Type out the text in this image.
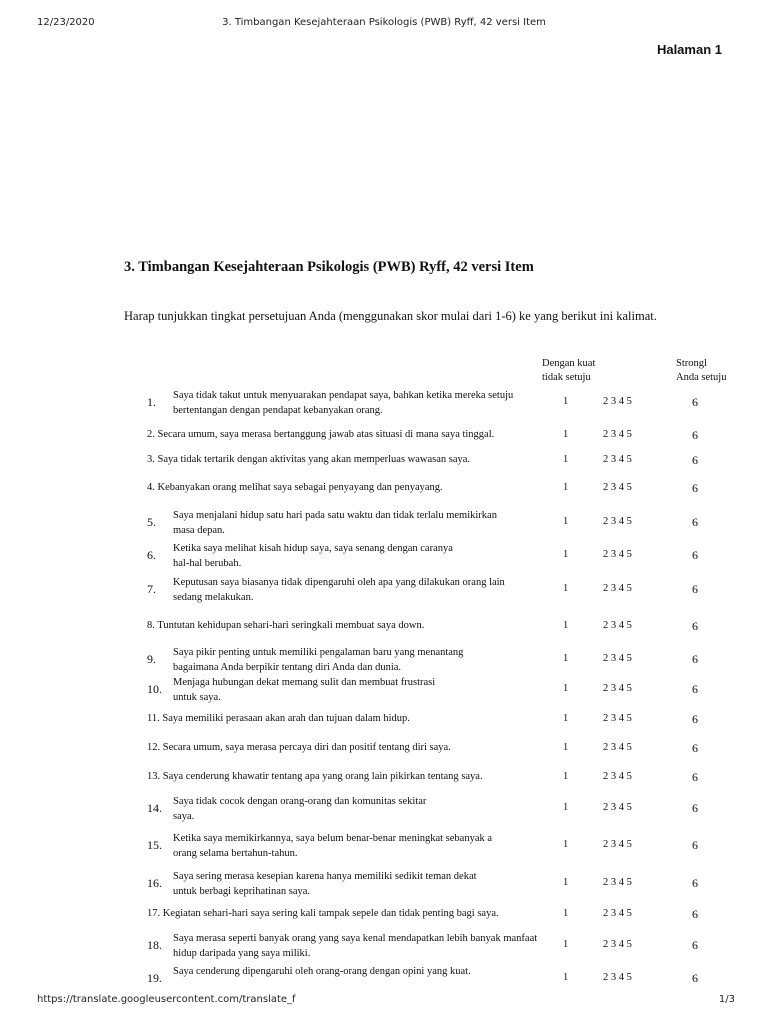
12/23/2020	3. Timbangan Kesejahteraan Psikologis (PWB) Ryff, 42 versi Item
Halaman 1
3. Timbangan Kesejahteraan Psikologis (PWB) Ryff, 42 versi Item

Harap tunjukkan tingkat persetujuan Anda (menggunakan skor mulai dari 1-6) ke yang berikut ini kalimat.

Dengan kuat
tidak setuju
Strongl
Anda setuju
1. Saya tidak takut untuk menyuarakan pendapat saya, bahkan ketika mereka setuju
bertentangan dengan pendapat kebanyakan orang.
1	2 3 4 5	6
2. Secara umum, saya merasa bertanggung jawab atas situasi di mana saya tinggal.	1	2 3 4 5	6
3. Saya tidak tertarik dengan aktivitas yang akan memperluas wawasan saya.	1	2 3 4 5	6
4. Kebanyakan orang melihat saya sebagai penyayang dan penyayang.	1	2 3 4 5	6
5. Saya menjalani hidup satu hari pada satu waktu dan tidak terlalu memikirkan
masa depan.
1	2 3 4 5	6
6. Ketika saya melihat kisah hidup saya, saya senang dengan caranya
hal-hal berubah.
1	2 3 4 5	6
7. Keputusan saya biasanya tidak dipengaruhi oleh apa yang dilakukan orang lain
sedang melakukan.
1	2 3 4 5	6
8. Tuntutan kehidupan sehari-hari seringkali membuat saya down.	1	2 3 4 5	6
9. Saya pikir penting untuk memiliki pengalaman baru yang menantang
bagaimana Anda berpikir tentang diri Anda dan dunia.
1	2 3 4 5	6
10. Menjaga hubungan dekat memang sulit dan membuat frustrasi
untuk saya.
1	2 3 4 5	6
11. Saya memiliki perasaan akan arah dan tujuan dalam hidup.	1	2 3 4 5	6
12. Secara umum, saya merasa percaya diri dan positif tentang diri saya.	1	2 3 4 5	6
13. Saya cenderung khawatir tentang apa yang orang lain pikirkan tentang saya.	1	2 3 4 5	6
14. Saya tidak cocok dengan orang-orang dan komunitas sekitar
saya.
1	2 3 4 5	6
15. Ketika saya memikirkannya, saya belum benar-benar meningkat sebanyak a
orang selama bertahun-tahun.
1	2 3 4 5	6
16. Saya sering merasa kesepian karena hanya memiliki sedikit teman dekat
untuk berbagi keprihatinan saya.
1	2 3 4 5	6
17. Kegiatan sehari-hari saya sering kali tampak sepele dan tidak penting bagi saya.	1	2 3 4 5	6
18. Saya merasa seperti banyak orang yang saya kenal mendapatkan lebih banyak manfaat
hidup daripada yang saya miliki.
1	2 3 4 5	6
19. Saya cenderung dipengaruhi oleh orang-orang dengan opini yang kuat.
1	2 3 4 5	6
https://translate.googleusercontent.com/translate_f	1/3
